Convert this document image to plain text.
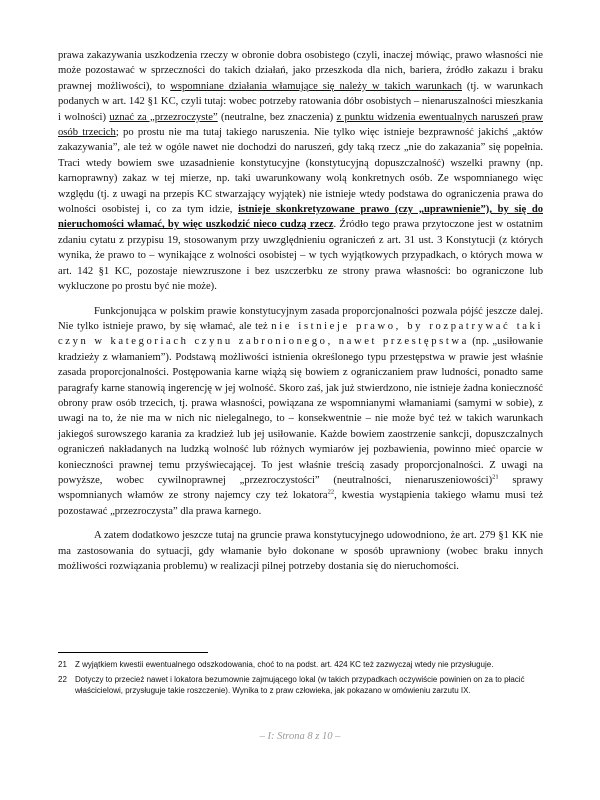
prawa zakazywania uszkodzenia rzeczy w obronie dobra osobistego (czyli, inaczej mówiąc, prawo własności nie może pozostawać w sprzeczności do takich działań, jako przeszkoda dla nich, bariera, źródło zakazu i braku prawnej możliwości), to wspomniane działania włamujące się należy w takich warunkach (tj. w warunkach podanych w art. 142 §1 KC, czyli tutaj: wobec potrzeby ratowania dóbr osobistych – nienaruszalności mieszkania i wolności) uznać za „przezroczyste” (neutralne, bez znaczenia) z punktu widzenia ewentualnych naruszeń praw osób trzecich; po prostu nie ma tutaj takiego naruszenia. Nie tylko więc istnieje bezprawność jakichś „aktów zakazywania”, ale też w ogóle nawet nie dochodzi do naruszeń, gdy taką rzecz „nie do zakazania” się popełnia. Traci wtedy bowiem swe uzasadnienie konstytucyjne (konstytucyjną dopuszczalność) wszelki prawny (np. karnoprawny) zakaz w tej mierze, np. taki uwarunkowany wolą konkretnych osób. Ze wspomnianego więc względu (tj. z uwagi na przepis KC stwarzający wyjątek) nie istnieje wtedy podstawa do ograniczenia prawa do wolności osobistej i, co za tym idzie, istnieje skonkretyzowane prawo (czy „uprawnienie”), by się do nieruchomości włamać, by więc uszkodzić nieco cudzą rzecz. Źródło tego prawa przytoczone jest w ostatnim zdaniu cytatu z przypisu 19, stosowanym przy uwzględnieniu ograniczeń z art. 31 ust. 3 Konstytucji (z których wynika, że prawo to – wynikające z wolności osobistej – w tych wyjątkowych przypadkach, o których mowa w art. 142 §1 KC, pozostaje niewzruszone i bez uszczerbku ze strony prawa własności: bo ograniczone lub wykluczone po prostu być nie może).

Funkcjonująca w polskim prawie konstytucyjnym zasada proporcjonalności pozwala pójść jeszcze dalej. Nie tylko istnieje prawo, by się włamać, ale też nie istnieje prawo, by rozpatrywać taki czyn w kategoriach czynu zabronionego, nawet przestępstwa (np. „usiłowanie kradzieży z włamaniem”). Podstawą możliwości istnienia określonego typu przestępstwa w prawie jest właśnie zasada proporcjonalności. Postępowania karne wiążą się bowiem z ograniczaniem praw ludności, ponadto same paragrafy karne stanowią ingerencję w jej wolność. Skoro zaś, jak już stwierdzono, nie istnieje żadna konieczność obrony praw osób trzecich, tj. prawa własności, powiązana ze wspomnianymi włamaniami (samymi w sobie), z uwagi na to, że nie ma w nich nic nielegalnego, to – konsekwentnie – nie może być też w takich warunkach jakiegoś surowszego karania za kradzież lub jej usiłowanie. Każde bowiem zaostrzenie sankcji, dopuszczalnych ograniczeń nakładanych na ludzką wolność lub różnych wymiarów jej pozbawienia, powinno mieć oparcie w konieczności prawnej temu przyświecającej. To jest właśnie treścią zasady proporcjonalności. Z uwagi na powyższe, wobec cywilnoprawnej „przezroczystości” (neutralności, nienaruszeniowości)$^{21}$ sprawy wspomnianych włamów ze strony najemcy czy też lokatora$^{22}$, kwestia wystąpienia takiego włamu musi też pozostawać „przezroczysta” dla prawa karnego.

A zatem dodatkowo jeszcze tutaj na gruncie prawa konstytucyjnego udowodniono, że art. 279 §1 KK nie ma zastosowania do sytuacji, gdy włamanie było dokonane w sposób uprawniony (wobec braku innych możliwości rozwiązania problemu) w realizacji pilnej potrzeby dostania się do nieruchomości.

21	Z wyjątkiem kwestii ewentualnego odszkodowania, choć to na podst. art. 424 KC też zazwyczaj wtedy nie przysługuje.
22	Dotyczy to przecież nawet i lokatora bezumownie zajmującego lokal (w takich przypadkach oczywiście powinien on za to płacić właścicielowi, przysługuje takie roszczenie). Wynika to z praw człowieka, jak pokazano w omówieniu zarzutu IX.
– I: Strona 8 z 10 –
